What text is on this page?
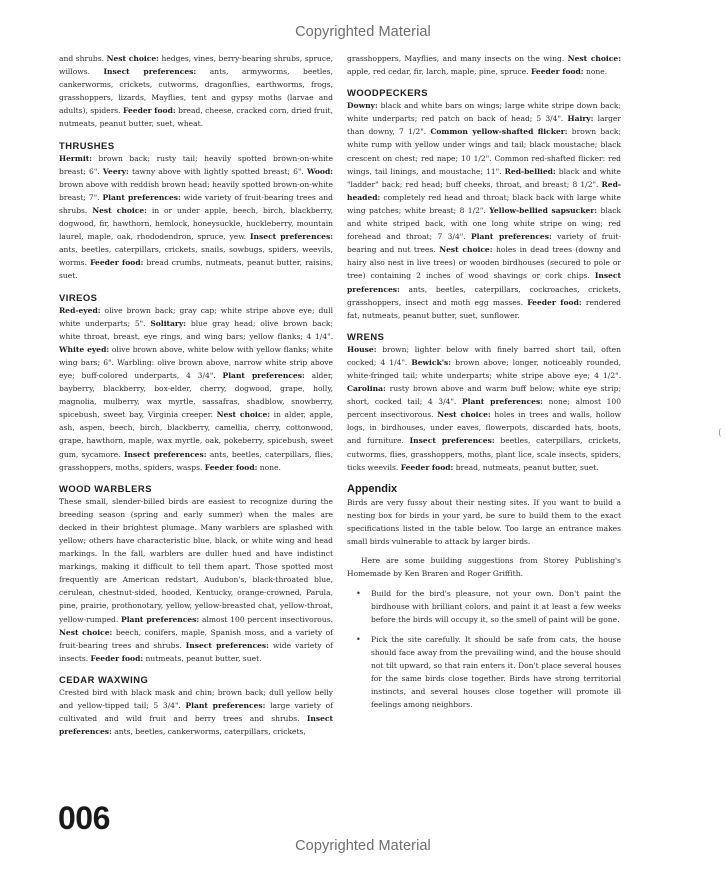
Copyrighted Material

and shrubs. Nest choice: hedges, vines, berry-bearing shrubs, spruce, willows. Insect preferences: ants, armyworms, beetles, cankerworms, crickets, cutworms, dragonflies, earthworms, frogs, grasshoppers, lizards, Mayflies, tent and gypsy moths (larvae and adults), spiders. Feeder food: bread, cheese, cracked corn, dried fruit, nutmeats, peanut butter, suet, wheat.

THRUSHES

Hermit: brown back; rusty tail; heavily spotted brown-on-white breast; 6". Veery: tawny above with lightly spotted breast; 6". Wood: brown above with reddish brown head; heavily spotted brown-on-white breast; 7". Plant preferences: wide variety of fruit-bearing trees and shrubs. Nest choice: in or under apple, beech, birch, blackberry, dogwood, fir, hawthorn, hemlock, honeysuckle, huckleberry, mountain laurel, maple, oak, rhododendron, spruce, yew. Insect preferences: ants, beetles, caterpillars, crickets, snails, sowbugs, spiders, weevils, worms. Feeder food: bread crumbs, nutmeats, peanut butter, raisins, suet.

VIREOS

Red-eyed: olive brown back; gray cap; white stripe above eye; dull white underparts; 5". Solitary: blue gray head; olive brown back; white throat, breast, eye rings, and wing bars; yellow flanks; 4 1/4". White eyed: olive brown above, white below with yellow flanks; white wing bars; 6". Warbling: olive brown above, narrow white strip above eye; buff-colored underparts, 4 3/4". Plant preferences: alder, bayberry, blackberry, box-elder, cherry, dogwood, grape, holly, magnolia, mulberry, wax myrtle, sassafras, shadblow, snowberry, spicebush, sweet bay, Virginia creeper. Nest choice: in alder, apple, ash, aspen, beech, birch, blackberry, camellia, cherry, cottonwood, grape, hawthorn, maple, wax myrtle, oak, pokeberry, spicebush, sweet gum, sycamore. Insect preferences: ants, beetles, caterpillars, flies, grasshoppers, moths, spiders, wasps. Feeder food: none.

WOOD WARBLERS

These small, slender-billed birds are easiest to recognize during the breeding season (spring and early summer) when the males are decked in their brightest plumage. Many warblers are splashed with yellow; others have characteristic blue, black, or white wing and head markings. In the fall, warblers are duller hued and have indistinct markings, making it difficult to tell them apart. Those spotted most frequently are American redstart, Audubon's, black-throated blue, cerulean, chestnut-sided, hooded, Kentucky, orange-crowned, Parula, pine, prairie, prothonotary, yellow, yellow-breasted chat, yellow-throat, yellow-rumped. Plant preferences: almost 100 percent insectivorous. Nest choice: beech, conifers, maple, Spanish moss, and a variety of fruit-bearing trees and shrubs. Insect preferences: wide variety of insects. Feeder food: nutmeats, peanut butter, suet.

CEDAR WAXWING

Crested bird with black mask and chin; brown back; dull yellow belly and yellow-tipped tail; 5 3/4". Plant preferences: large variety of cultivated and wild fruit and berry trees and shrubs. Insect preferences: ants, beetles, cankerworms, caterpillars, crickets,

grasshoppers, Mayflies, and many insects on the wing. Nest choice: apple, red cedar, fir, larch, maple, pine, spruce. Feeder food: none.

WOODPECKERS

Downy: black and white bars on wings; large white stripe down back; white underparts; red patch on back of head; 5 3/4". Hairy: larger than downy, 7 1/2". Common yellow-shafted flicker: brown back; white rump with yellow under wings and tail; black moustache; black crescent on chest; red nape; 10 1/2". Common red-shafted flicker: red wings, tail linings, and moustache; 11". Red-bellied: black and white "ladder" back; red head; buff cheeks, throat, and breast; 8 1/2". Red-headed: completely red head and throat; black back with large white wing patches; white breast; 8 1/2". Yellow-bellied sapsucker: black and white striped back, with one long white stripe on wing; red forehead and throat; 7 3/4". Plant preferences: variety of fruit-bearing and nut trees. Nest choice: holes in dead trees (downy and hairy also nest in live trees) or wooden birdhouses (secured to pole or tree) containing 2 inches of wood shavings or cork chips. Insect preferences: ants, beetles, caterpillars, cockroaches, crickets, grasshoppers, insect and moth egg masses. Feeder food: rendered fat, nutmeats, peanut butter, suet, sunflower.

WRENS

House: brown; lighter below with finely barred short tail, often cocked; 4 1/4". Bewick's: brown above; longer, noticeably rounded, white-fringed tail; white underparts; white stripe above eye; 4 1/2". Carolina: rusty brown above and warm buff below; white eye strip; short, cocked tail; 4 3/4". Plant preferences: none; almost 100 percent insectivorous. Nest choice: holes in trees and walls, hollow logs, in birdhouses, under eaves, flowerpots, discarded hats, boots, and furniture. Insect preferences: beetles, caterpillars, crickets, cutworms, flies, grasshoppers, moths, plant lice, scale insects, spiders, ticks weevils. Feeder food: bread, nutmeats, peanut butter, suet.

Appendix

Birds are very fussy about their nesting sites. If you want to build a nesting box for birds in your yard, be sure to build them to the exact specifications listed in the table below. Too large an entrance makes small birds vulnerable to attack by larger birds.

Here are some building suggestions from Storey Publishing's Homemade by Ken Braren and Roger Griffith.

• Build for the bird's pleasure, not your own. Don't paint the birdhouse with brilliant colors, and paint it at least a few weeks before the birds will occupy it, so the smell of paint will be gone.
• Pick the site carefully. It should be safe from cats, the house should face away from the prevailing wind, and the house should not tilt upward, so that rain enters it. Don't place several houses for the same birds close together. Birds have strong territorial instincts, and several houses close together will promote ill feelings among neighbors.
006
Copyrighted Material
